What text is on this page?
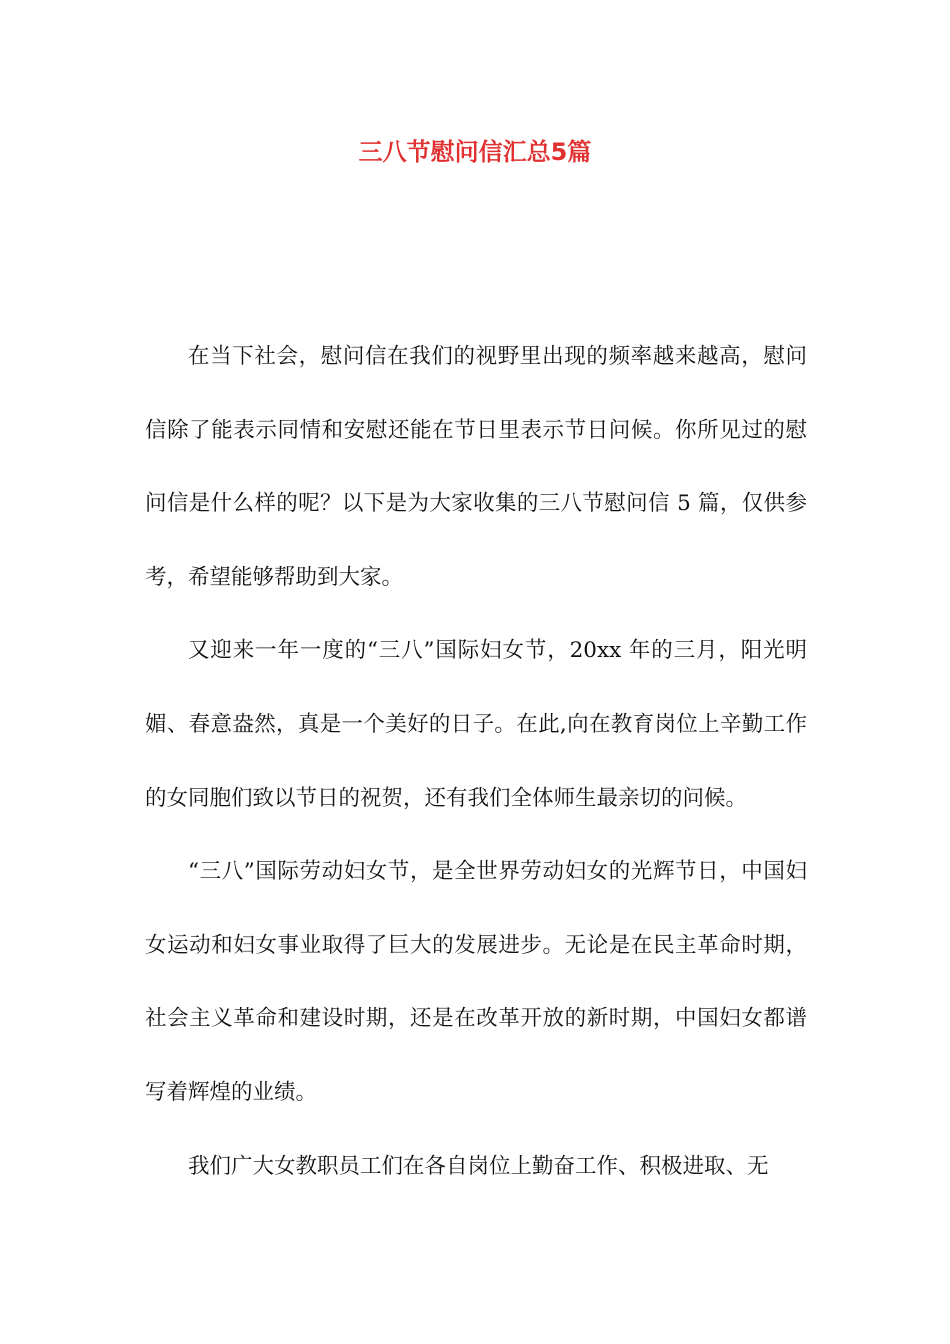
三八节慰问信汇总5篇

在当下社会，慰问信在我们的视野里出现的频率越来越高，慰问信除了能表示同情和安慰还能在节日里表示节日问候。你所见过的慰问信是什么样的呢？以下是为大家收集的三八节慰问信 5 篇，仅供参考，希望能够帮助到大家。

又迎来一年一度的“三八”国际妇女节，20xx 年的三月，阳光明媚、春意盎然，真是一个美好的日子。在此,向在教育岗位上辛勤工作的女同胞们致以节日的祝贺，还有我们全体师生最亲切的问候。

“三八”国际劳动妇女节，是全世界劳动妇女的光辉节日，中国妇女运动和妇女事业取得了巨大的发展进步。无论是在民主革命时期，社会主义革命和建设时期，还是在改革开放的新时期，中国妇女都谱写着辉煌的业绩。

我们广大女教职员工们在各自岗位上勤奋工作、积极进取、无
